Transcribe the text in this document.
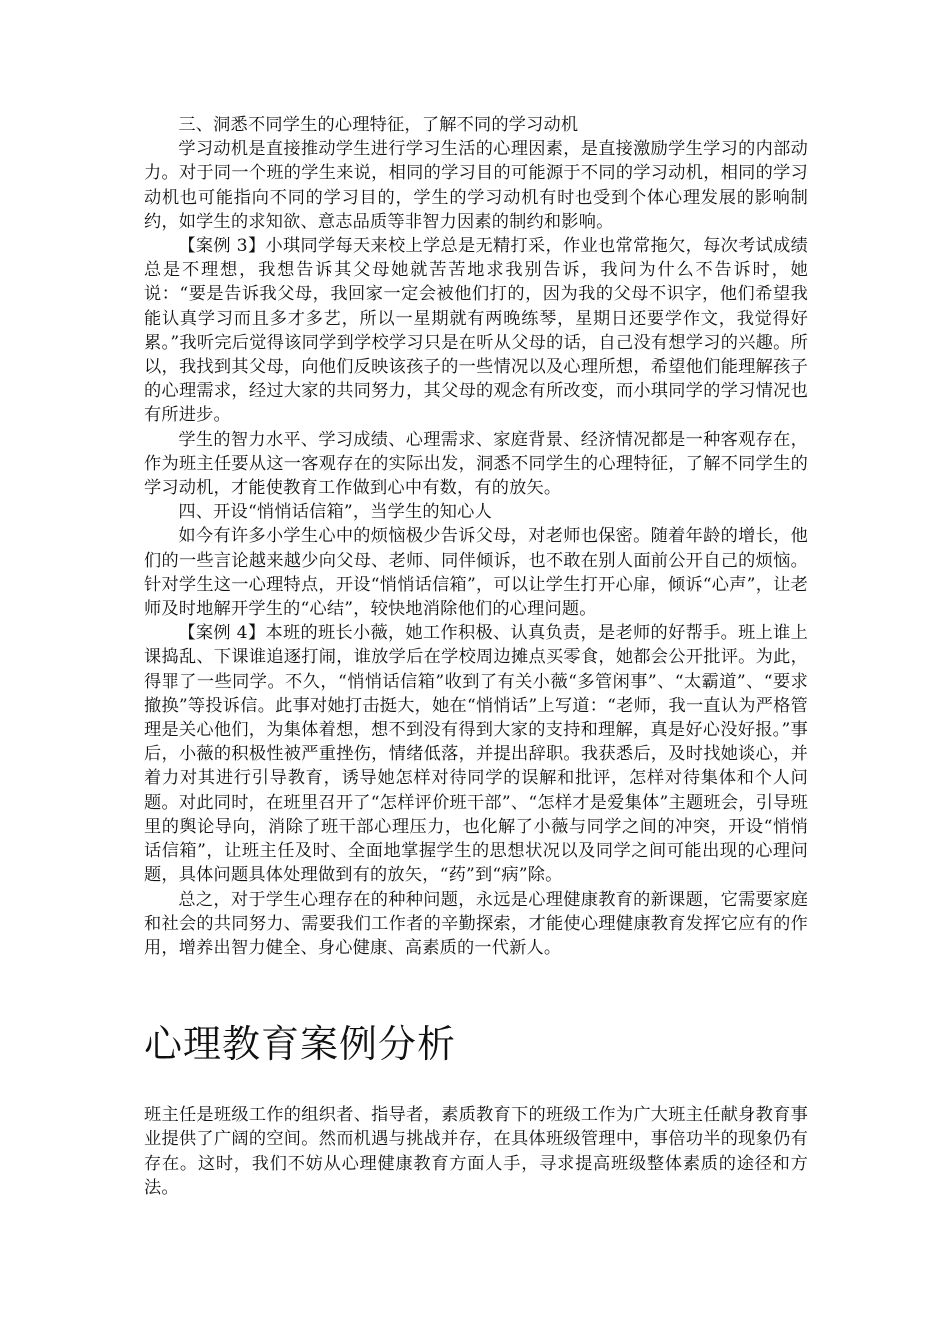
三、洞悉不同学生的心理特征，了解不同的学习动机

学习动机是直接推动学生进行学习生活的心理因素，是直接激励学生学习的内部动力。对于同一个班的学生来说，相同的学习目的可能源于不同的学习动机，相同的学习动机也可能指向不同的学习目的，学生的学习动机有时也受到个体心理发展的影响制约，如学生的求知欲、意志品质等非智力因素的制约和影响。

【案例 3】小琪同学每天来校上学总是无精打采，作业也常常拖欠，每次考试成绩总是不理想，我想告诉其父母她就苦苦地求我别告诉，我问为什么不告诉时，她说：“要是告诉我父母，我回家一定会被他们打的，因为我的父母不识字，他们希望我能认真学习而且多才多艺，所以一星期就有两晚练琴，星期日还要学作文，我觉得好累。”我听完后觉得该同学到学校学习只是在听从父母的话，自己没有想学习的兴趣。所以，我找到其父母，向他们反映该孩子的一些情况以及心理所想，希望他们能理解孩子的心理需求，经过大家的共同努力，其父母的观念有所改变，而小琪同学的学习情况也有所进步。

学生的智力水平、学习成绩、心理需求、家庭背景、经济情况都是一种客观存在，作为班主任要从这一客观存在的实际出发，洞悉不同学生的心理特征，了解不同学生的学习动机，才能使教育工作做到心中有数，有的放矢。

四、开设“悄悄话信箱”，当学生的知心人

如今有许多小学生心中的烦恼极少告诉父母，对老师也保密。随着年龄的增长，他们的一些言论越来越少向父母、老师、同伴倾诉，也不敢在别人面前公开自己的烦恼。针对学生这一心理特点，开设“悄悄话信箱”，可以让学生打开心扉，倾诉“心声”，让老师及时地解开学生的“心结”，较快地消除他们的心理问题。

【案例 4】本班的班长小薇，她工作积极、认真负责，是老师的好帮手。班上谁上课捣乱、下课谁追逐打闹，谁放学后在学校周边摊点买零食，她都会公开批评。为此，得罪了一些同学。不久，“悄悄话信箱”收到了有关小薇“多管闲事”、“太霸道”、“要求撤换”等投诉信。此事对她打击挺大，她在“悄悄话”上写道：“老师，我一直认为严格管理是关心他们，为集体着想，想不到没有得到大家的支持和理解，真是好心没好报。”事后，小薇的积极性被严重挫伤，情绪低落，并提出辞职。我获悉后，及时找她谈心，并着力对其进行引导教育，诱导她怎样对待同学的误解和批评，怎样对待集体和个人问题。对此同时，在班里召开了“怎样评价班干部”、“怎样才是爱集体”主题班会，引导班里的舆论导向，消除了班干部心理压力，也化解了小薇与同学之间的冲突，开设“悄悄话信箱”，让班主任及时、全面地掌握学生的思想状况以及同学之间可能出现的心理问题，具体问题具体处理做到有的放矢，“药”到“病”除。

总之，对于学生心理存在的种种问题，永远是心理健康教育的新课题，它需要家庭和社会的共同努力、需要我们工作者的辛勤探索，才能使心理健康教育发挥它应有的作用，增养出智力健全、身心健康、高素质的一代新人。

心理教育案例分析

班主任是班级工作的组织者、指导者，素质教育下的班级工作为广大班主任献身教育事业提供了广阔的空间。然而机遇与挑战并存，在具体班级管理中，事倍功半的现象仍有存在。这时，我们不妨从心理健康教育方面人手，寻求提高班级整体素质的途径和方法。
